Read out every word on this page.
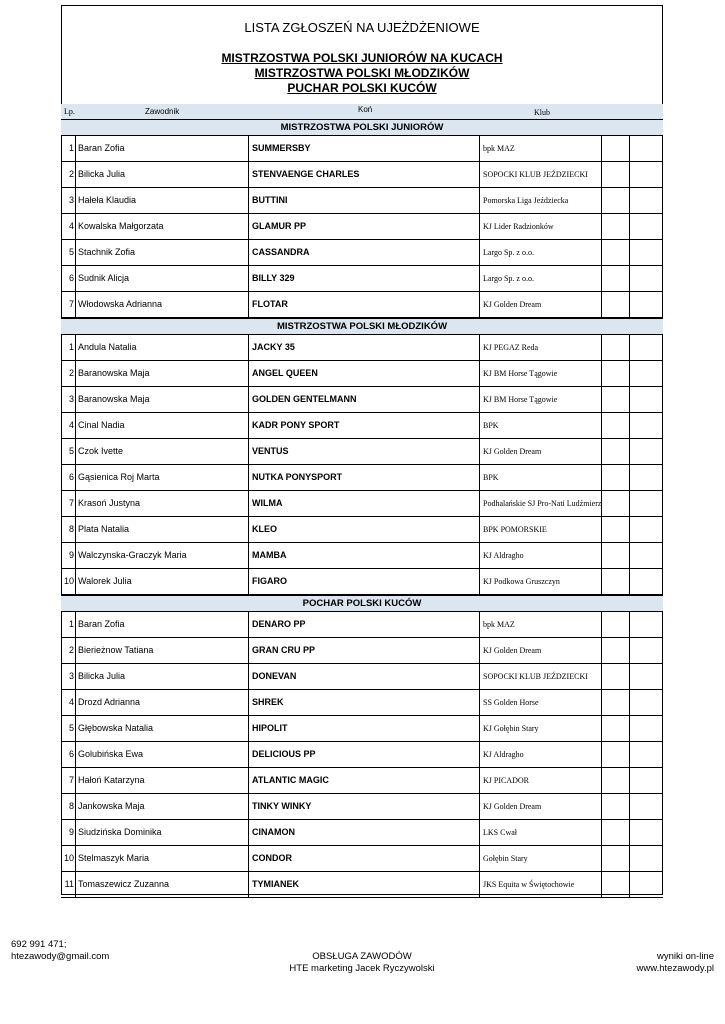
LISTA ZGŁOSZEŃ NA UJEŻDŻENIOWE
MISTRZOSTWA POLSKI JUNIORÓW NA KUCACH
MISTRZOSTWA POLSKI MŁODZIKÓW
PUCHAR POLSKI KUCÓW
Lp.	Zawodnik	Koń	Klub
MISTRZOSTWA POLSKI JUNIORÓW
1 Baran Zofia	SUMMERSBY	bpk MAZ
2 Bilicka Julia	STENVAENGE CHARLES	SOPOCKI KLUB JEŹDZIECKI
3 Hałeła Klaudia	BUTTINI	Pomorska Liga Jeździecka
4 Kowalska Małgorzata	GLAMUR PP	KJ Lider Radzionków
5 Stachnik Zofia	CASSANDRA	Largo Sp. z o.o.
6 Sudnik Alicja	BILLY 329	Largo Sp. z o.o.
7 Włodowska Adrianna	FLOTAR	KJ Golden Dream
MISTRZOSTWA POLSKI MŁODZIKÓW
1 Andula Natalia	JACKY 35	KJ PEGAZ Reda
2 Baranowska Maja	ANGEL QUEEN	KJ BM Horse Tągowie
3 Baranowska Maja	GOLDEN GENTELMANN	KJ BM Horse Tągowie
4 Cinal Nadia	KADR PONY SPORT	BPK
5 Czok Ivette	VENTUS	KJ Golden Dream
6 Gąsienica Roj Marta	NUTKA PONYSPORT	BPK
7 Krasoń Justyna	WILMA	Podhalańskie SJ Pro-Nati Ludźmierz
8 Plata Natalia	KLEO	BPK POMORSKIE
9 Walczynska-Graczyk Maria	MAMBA	KJ Aldragho
10 Walorek Julia	FIGARO	KJ Podkowa Gruszczyn
POCHAR POLSKI KUCÓW
1 Baran Zofia	DENARO PP	bpk MAZ
2 Bierieżnow Tatiana	GRAN CRU PP	KJ Golden Dream
3 Bilicka Julia	DONEVAN	SOPOCKI KLUB JEŹDZIECKI
4 Drozd Adrianna	SHREK	SS Golden Horse
5 Głębowska Natalia	HIPOLIT	KJ Gołębin Stary
6 Golubińska Ewa	DELICIOUS PP	KJ Aldragho
7 Hałoń Katarzyna	ATLANTIC MAGIC	KJ PICADOR
8 Jankowska Maja	TINKY WINKY	KJ Golden Dream
9 Siudzińska Dominika	CINAMON	LKS Cwał
10 Stelmaszyk Maria	CONDOR	Gołębin Stary
11 Tomaszewicz Zuzanna	TYMIANEK	JKS Equita w Świętochowie
692 991 471;
htezawody@gmail.com	OBSŁUGA ZAWODÓW
HTE marketing Jacek Ryczywolski
wyniki on-line
www.htezawody.pl
